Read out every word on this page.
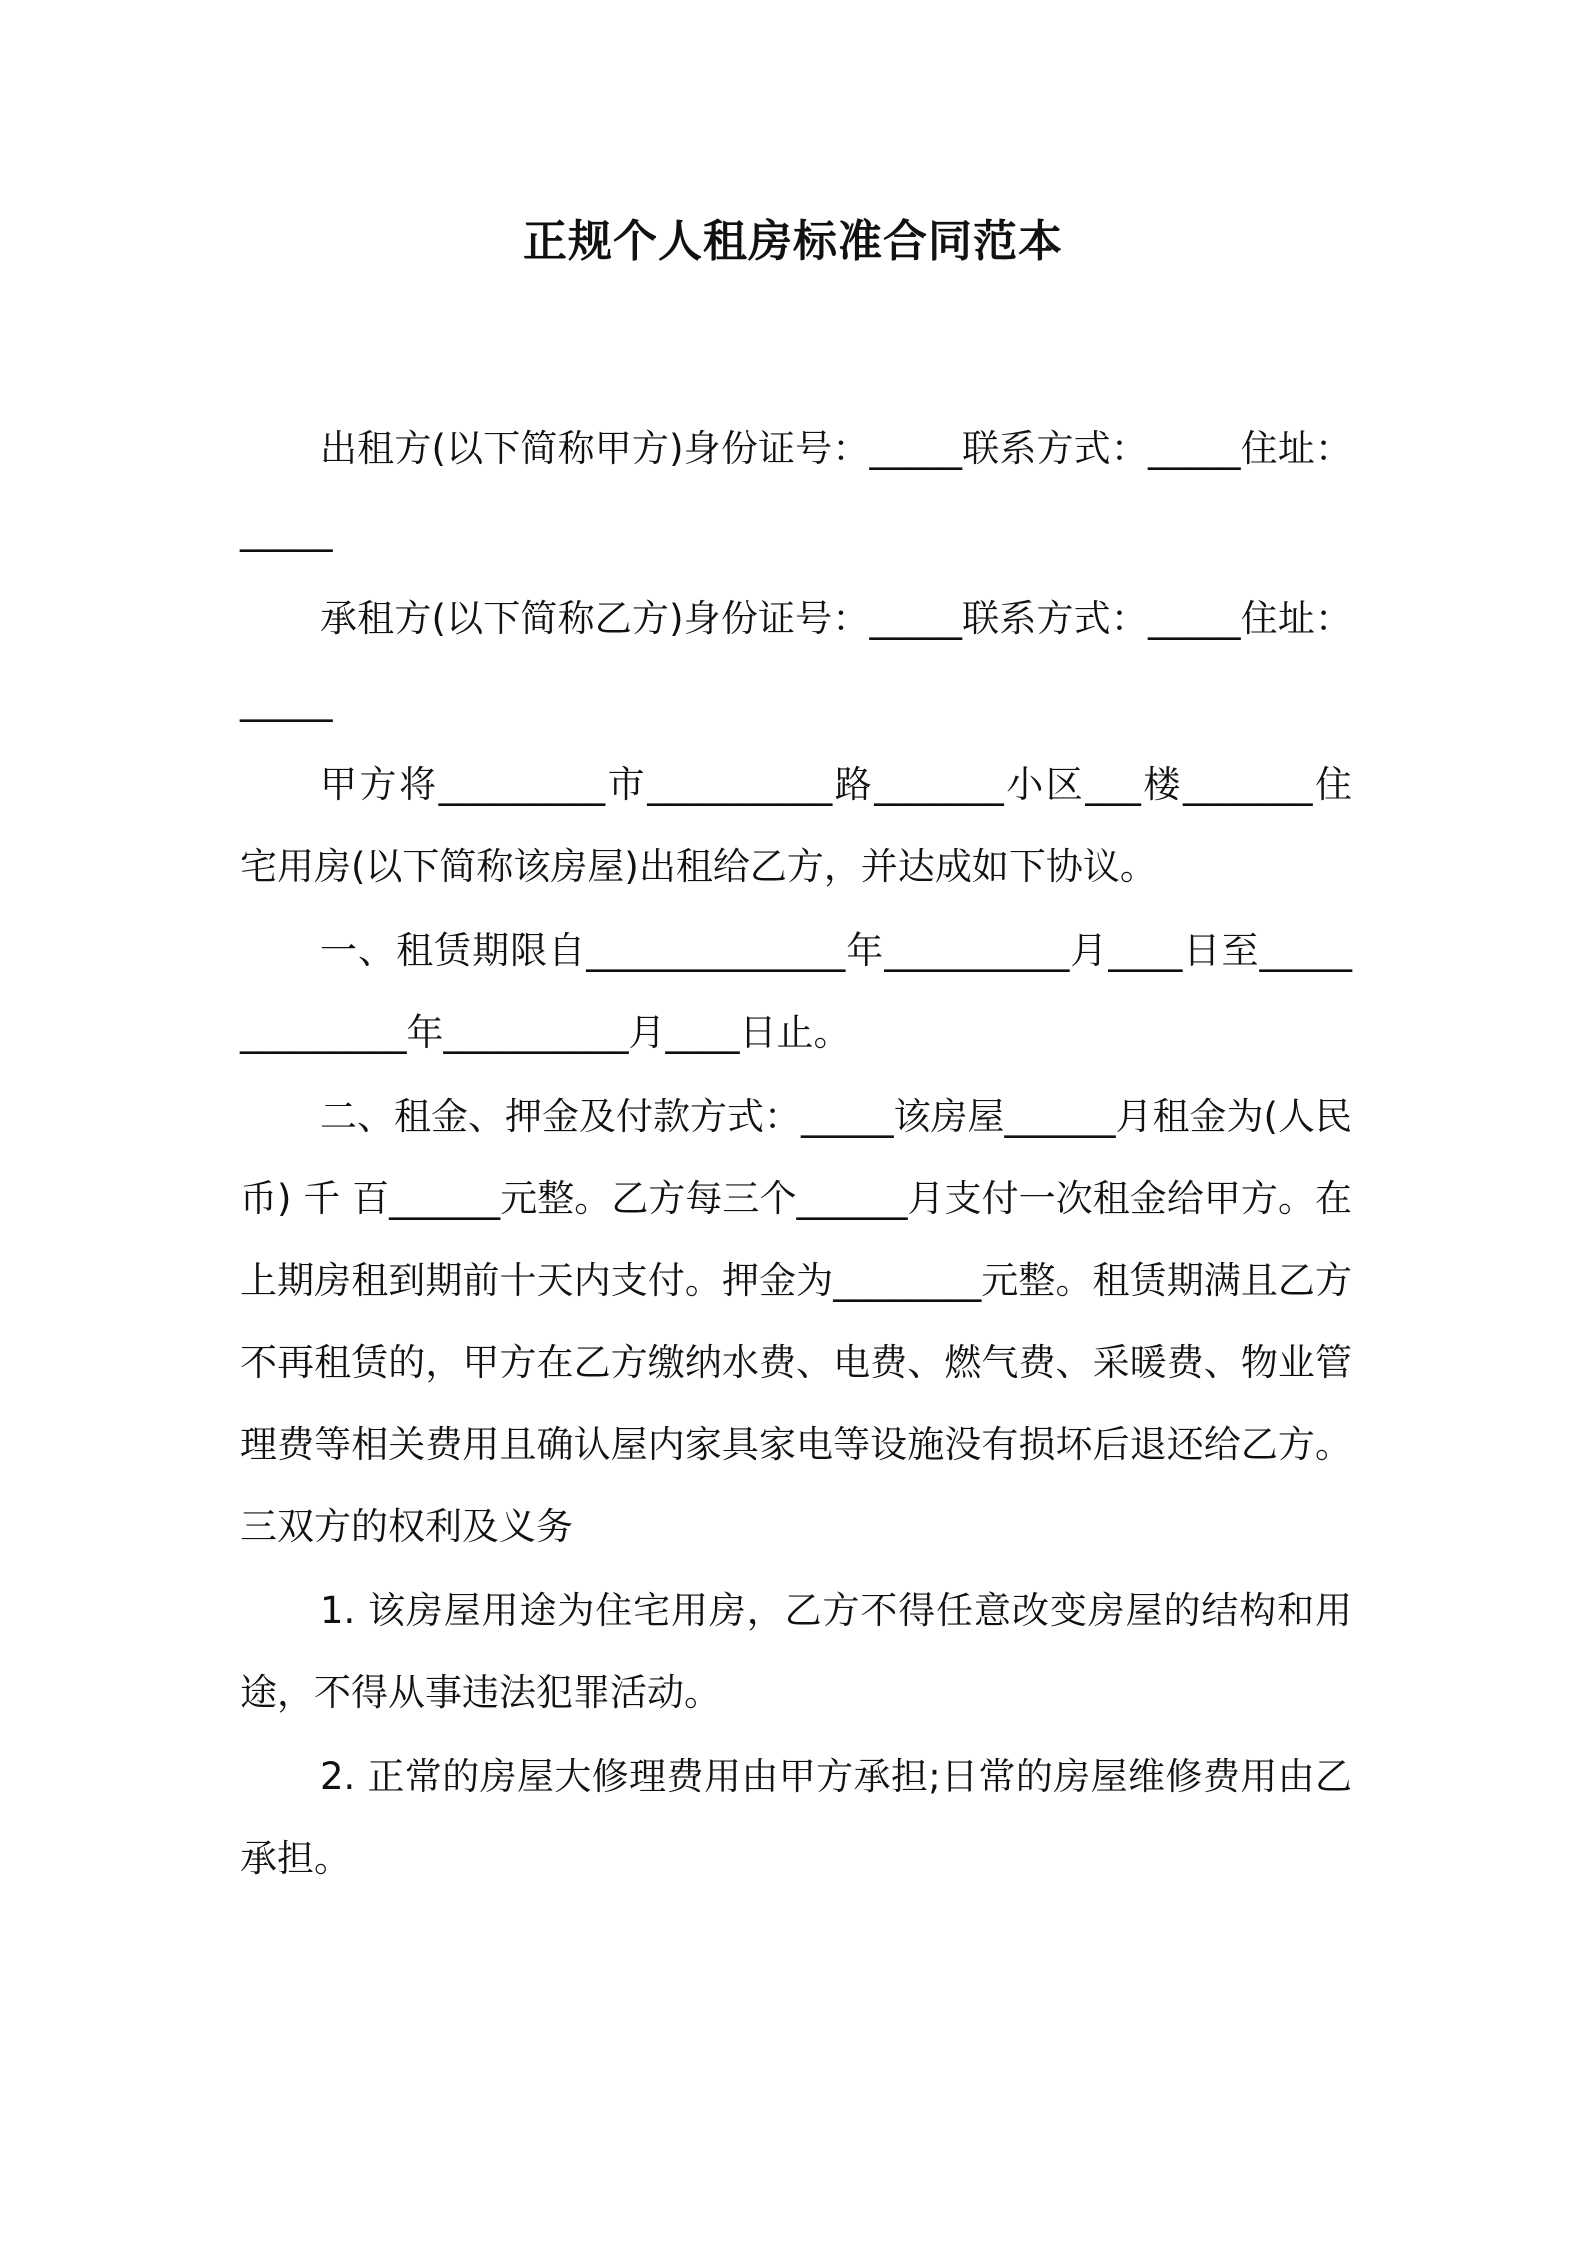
正规个人租房标准合同范本

出租方(以下简称甲方)身份证号：_____联系方式：_____住址：_____

承租方(以下简称乙方)身份证号：_____联系方式：_____住址：_____

甲方将_________市__________路_______小区___楼_______住宅用房(以下简称该房屋)出租给乙方，并达成如下协议。

一、租赁期限自______________年__________月____日至______________年__________月____日止。

二、租金、押金及付款方式：_____该房屋______月租金为(人民币) 千 百______元整。乙方每三个______月支付一次租金给甲方。在上期房租到期前十天内支付。押金为________元整。租赁期满且乙方不再租赁的，甲方在乙方缴纳水费、电费、燃气费、采暖费、物业管理费等相关费用且确认屋内家具家电等设施没有损坏后退还给乙方。三双方的权利及义务

1. 该房屋用途为住宅用房，乙方不得任意改变房屋的结构和用途，不得从事违法犯罪活动。

2. 正常的房屋大修理费用由甲方承担;日常的房屋维修费用由乙承担。
